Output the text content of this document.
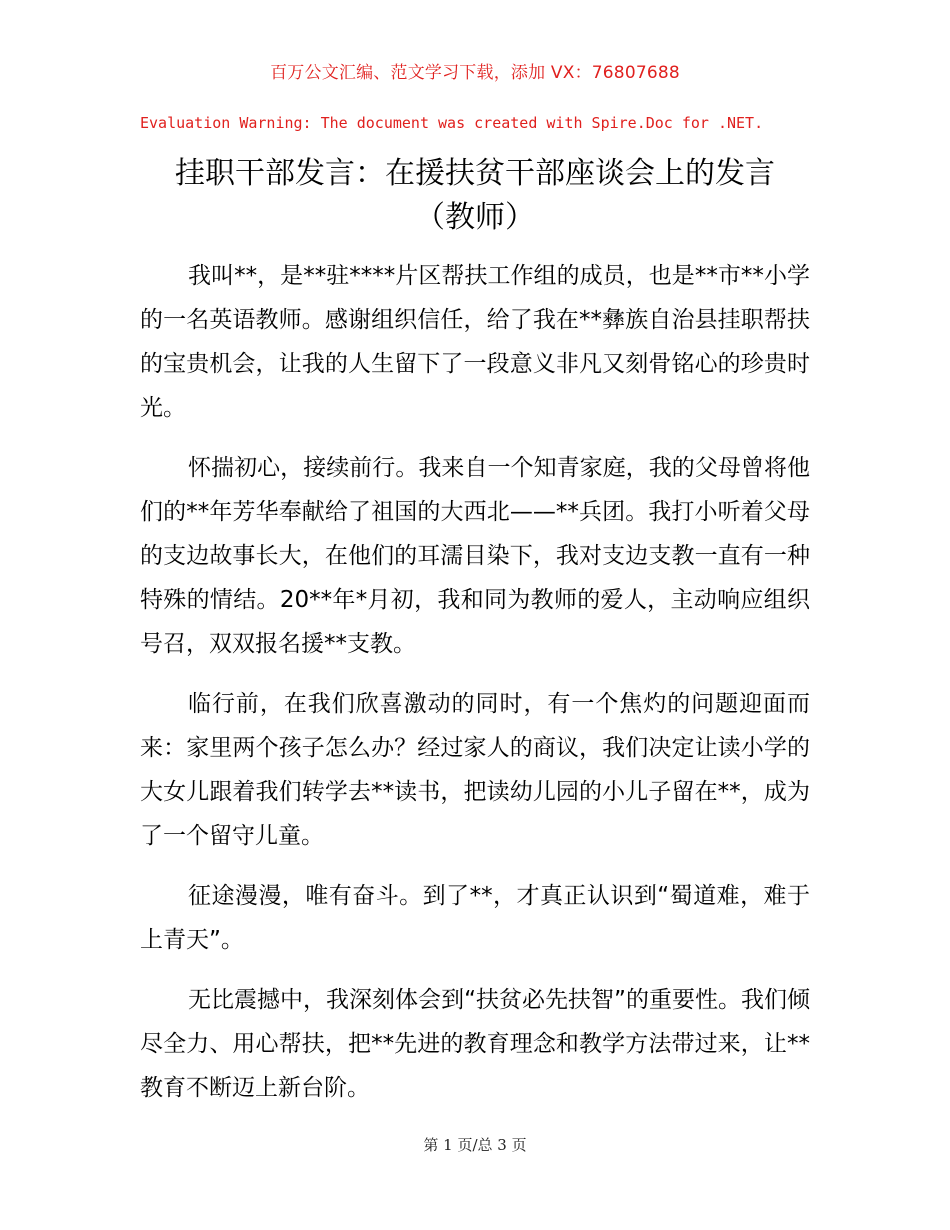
百万公文汇编、范文学习下载，添加 VX：76807688
Evaluation Warning: The document was created with Spire.Doc for .NET.
挂职干部发言：在援扶贫干部座谈会上的发言
（教师）

我叫**，是**驻****片区帮扶工作组的成员，也是**市**小学的一名英语教师。感谢组织信任，给了我在**彝族自治县挂职帮扶的宝贵机会，让我的人生留下了一段意义非凡又刻骨铭心的珍贵时光。

怀揣初心，接续前行。我来自一个知青家庭，我的父母曾将他们的**年芳华奉献给了祖国的大西北——**兵团。我打小听着父母的支边故事长大，在他们的耳濡目染下，我对支边支教一直有一种特殊的情结。20**年*月初，我和同为教师的爱人，主动响应组织号召，双双报名援**支教。

临行前，在我们欣喜激动的同时，有一个焦灼的问题迎面而来：家里两个孩子怎么办？经过家人的商议，我们决定让读小学的大女儿跟着我们转学去**读书，把读幼儿园的小儿子留在**，成为了一个留守儿童。

征途漫漫，唯有奋斗。到了**，才真正认识到“蜀道难，难于上青天”。

无比震撼中，我深刻体会到“扶贫必先扶智”的重要性。我们倾尽全力、用心帮扶，把**先进的教育理念和教学方法带过来，让**教育不断迈上新台阶。

第 1 页/总 3 页
